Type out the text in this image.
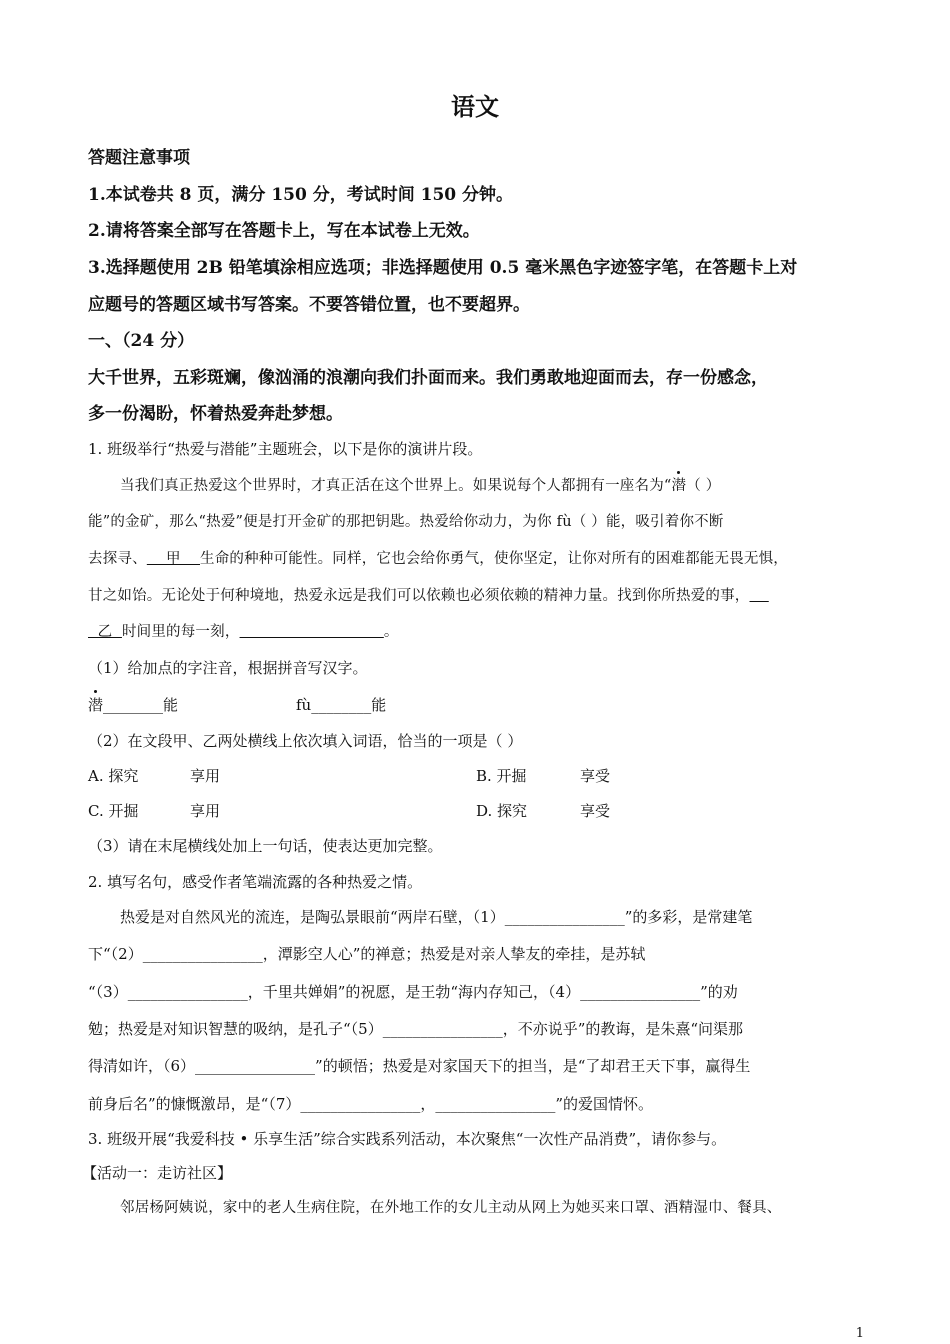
语文
答题注意事项
1.本试卷共 8 页，满分 150 分，考试时间 150 分钟。
2.请将答案全部写在答题卡上，写在本试卷上无效。
3.选择题使用 2B 铅笔填涂相应选项；非选择题使用 0.5 毫米黑色字迹签字笔，在答题卡上对
应题号的答题区域书写答案。不要答错位置，也不要超界。
一、（24 分）
大千世界，五彩斑斓，像汹涌的浪潮向我们扑面而来。我们勇敢地迎面而去，存一份感念，
多一份渴盼，怀着热爱奔赴梦想。
1. 班级举行“热爱与潜能”主题班会，以下是你的演讲片段。
当我们真正热爱这个世界时，才真正活在这个世界上。如果说每个人都拥有一座名为“潜（ ）
能”的金矿，那么“热爱”便是打开金矿的那把钥匙。热爱给你动力，为你 fù（ ）能，吸引着你不断
去探寻、    甲    生命的种种可能性。同样，它也会给你勇气，使你坚定，让你对所有的困难都能无畏无惧，
甘之如饴。无论处于何种境地，热爱永远是我们可以依赖也必须依赖的精神力量。找到你所热爱的事，
乙  时间里的每一刻，	。
（1）给加点的字注音，根据拼音写汉字。
潜________能	fù________能
（2）在文段甲、乙两处横线上依次填入词语，恰当的一项是（ ）
A. 探究	享用	B. 开掘	享受
C. 开掘	享用	D. 探究	享受
（3）请在末尾横线处加上一句话，使表达更加完整。
2. 填写名句，感受作者笔端流露的各种热爱之情。
热爱是对自然风光的流连，是陶弘景眼前“两岸石壁，（1）________________”的多彩，是常建笔
下“（2）________________，潭影空人心”的禅意；热爱是对亲人挚友的牵挂，是苏轼
“（3）________________，千里共婵娟”的祝愿，是王勃“海内存知己，（4）________________”的劝
勉；热爱是对知识智慧的吸纳，是孔子“（5）________________，不亦说乎”的教诲，是朱熹“问渠那
得清如许，（6）________________”的顿悟；热爱是对家国天下的担当，是“了却君王天下事，赢得生
前身后名”的慷慨激昂，是“（7）________________，________________”的爱国情怀。
3. 班级开展“我爱科技 • 乐享生活”综合实践系列活动，本次聚焦“一次性产品消费”，请你参与。
【活动一：走访社区】
邻居杨阿姨说，家中的老人生病住院，在外地工作的女儿主动从网上为她买来口罩、酒精湿巾、餐具、
1
